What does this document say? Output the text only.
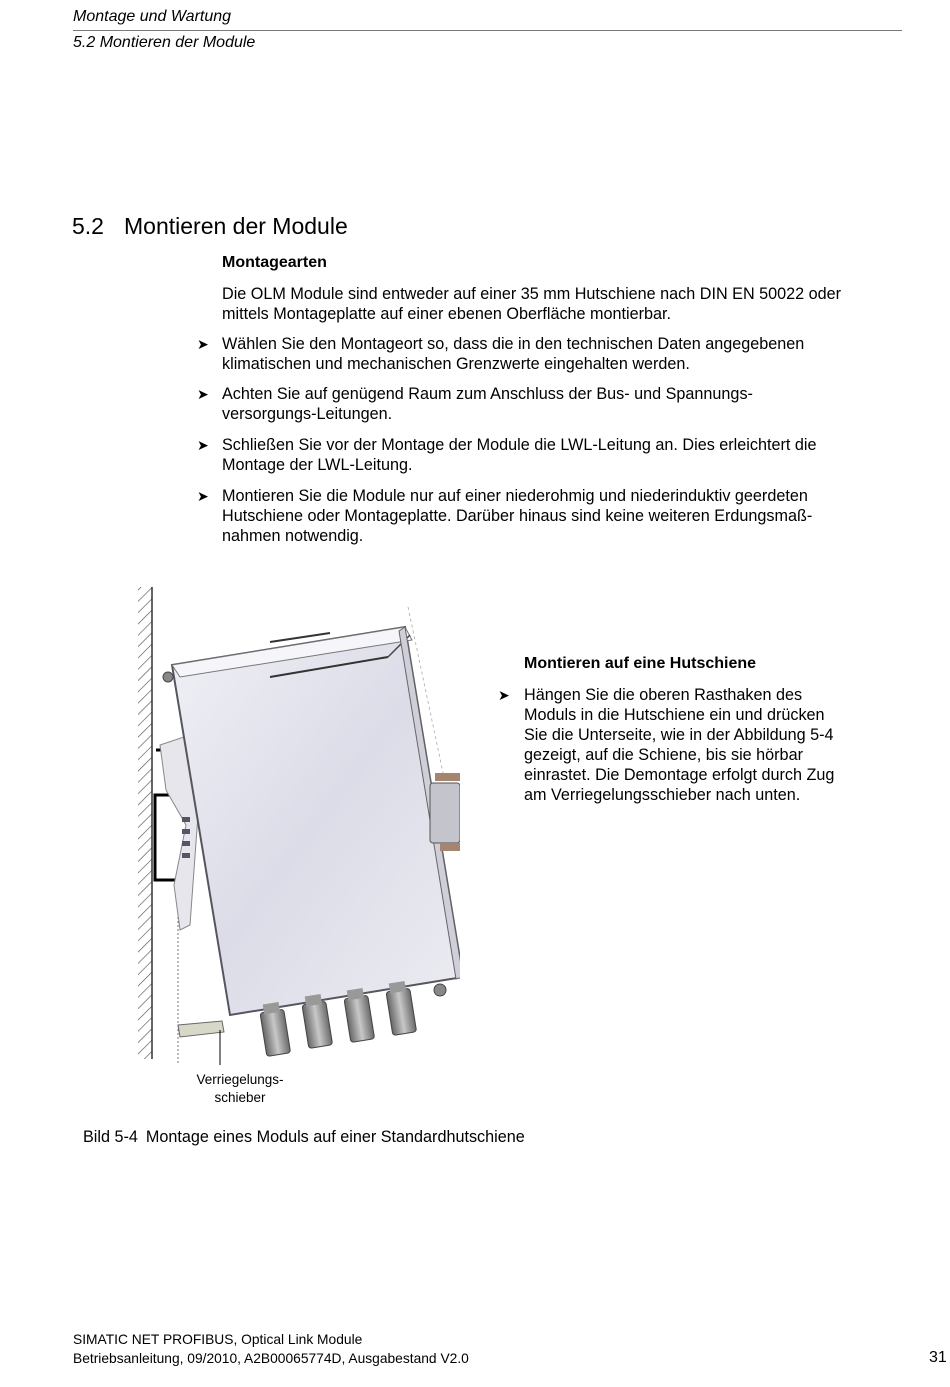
Montage und Wartung
5.2 Montieren der Module
5.2 Montieren der Module
Montagearten
Die OLM Module sind entweder auf einer 35 mm Hutschiene nach DIN EN 50022 oder
mittels Montageplatte auf einer ebenen Oberfläche montierbar.
➤ Wählen Sie den Montageort so, dass die in den technischen Daten angegebenen
klimatischen und mechanischen Grenzwerte eingehalten werden.
➤ Achten Sie auf genügend Raum zum Anschluss der Bus- und Spannungs-
versorgungs-Leitungen.
➤ Schließen Sie vor der Montage der Module die LWL-Leitung an. Dies erleichtert die
Montage der LWL-Leitung.
➤ Montieren Sie die Module nur auf einer niederohmig und niederinduktiv geerdeten
Hutschiene oder Montageplatte. Darüber hinaus sind keine weiteren Erdungsmaß-
nahmen notwendig.
Montieren auf eine Hutschiene
➤ Hängen Sie die oberen Rasthaken des
Moduls in die Hutschiene ein und drücken
Sie die Unterseite, wie in der Abbildung 5-4
gezeigt, auf die Schiene, bis sie hörbar
einrastet. Die Demontage erfolgt durch Zug
am Verriegelungsschieber nach unten.
Verriegelungs-
schieber
Bild 5-4 Montage eines Moduls auf einer Standardhutschiene
SIMATIC NET PROFIBUS, Optical Link Module
Betriebsanleitung, 09/2010, A2B00065774D, Ausgabestand V2.0	31
